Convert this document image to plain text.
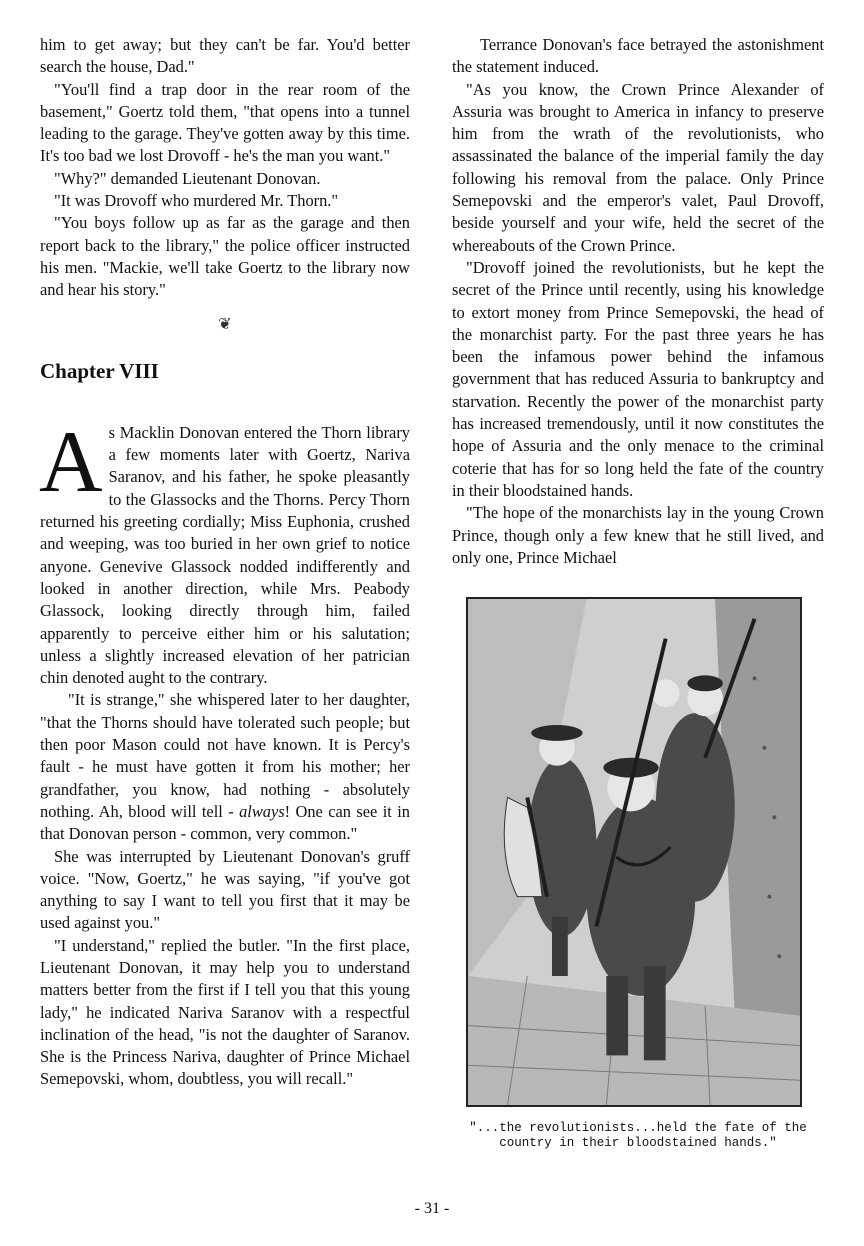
him to get away; but they can't be far. You'd better search the house, Dad."

"You'll find a trap door in the rear room of the basement," Goertz told them, "that opens into a tunnel leading to the garage. They've gotten away by this time. It's too bad we lost Drovoff - he's the man you want."

"Why?" demanded Lieutenant Donovan.

"It was Drovoff who murdered Mr. Thorn."

"You boys follow up as far as the garage and then report back to the library," the police officer instructed his men. "Mackie, we'll take Goertz to the library now and hear his story."

❦
Chapter VIII

As Macklin Donovan entered the Thorn library a few moments later with Goertz, Nariva Saranov, and his father, he spoke pleasantly to the Glassocks and the Thorns. Percy Thorn returned his greeting cordially; Miss Euphonia, crushed and weeping, was too buried in her own grief to notice anyone. Genevive Glassock nodded indifferently and looked in another direction, while Mrs. Peabody Glassock, looking directly through him, failed apparently to perceive either him or his salutation; unless a slightly increased elevation of her patrician chin denoted aught to the contrary.

"It is strange," she whispered later to her daughter, "that the Thorns should have tolerated such people; but then poor Mason could not have known. It is Percy's fault - he must have gotten it from his mother; her grandfather, you know, had nothing - absolutely nothing. Ah, blood will tell - always! One can see it in that Donovan person - common, very common."

She was interrupted by Lieutenant Donovan's gruff voice. "Now, Goertz," he was saying, "if you've got anything to say I want to tell you first that it may be used against you."

"I understand," replied the butler. "In the first place, Lieutenant Donovan, it may help you to understand matters better from the first if I tell you that this young lady," he indicated Nariva Saranov with a respectful inclination of the head, "is not the daughter of Saranov. She is the Princess Nariva, daughter of Prince Michael Semepovski, whom, doubtless, you will recall."

Terrance Donovan's face betrayed the astonishment the statement induced.

"As you know, the Crown Prince Alexander of Assuria was brought to America in infancy to preserve him from the wrath of the revolutionists, who assassinated the balance of the imperial family the day following his removal from the palace. Only Prince Semepovski and the emperor's valet, Paul Drovoff, beside yourself and your wife, held the secret of the whereabouts of the Crown Prince.

"Drovoff joined the revolutionists, but he kept the secret of the Prince until recently, using his knowledge to extort money from Prince Semepovski, the head of the monarchist party. For the past three years he has been the infamous power behind the infamous government that has reduced Assuria to bankruptcy and starvation. Recently the power of the monarchist party has increased tremendously, until it now constitutes the hope of Assuria and the only menace to the criminal coterie that has for so long held the fate of the country in their bloodstained hands.

"The hope of the monarchists lay in the young Crown Prince, though only a few knew that he still lived, and only one, Prince Michael

"...the revolutionists...held the fate of the country in their bloodstained hands."
- 31 -
